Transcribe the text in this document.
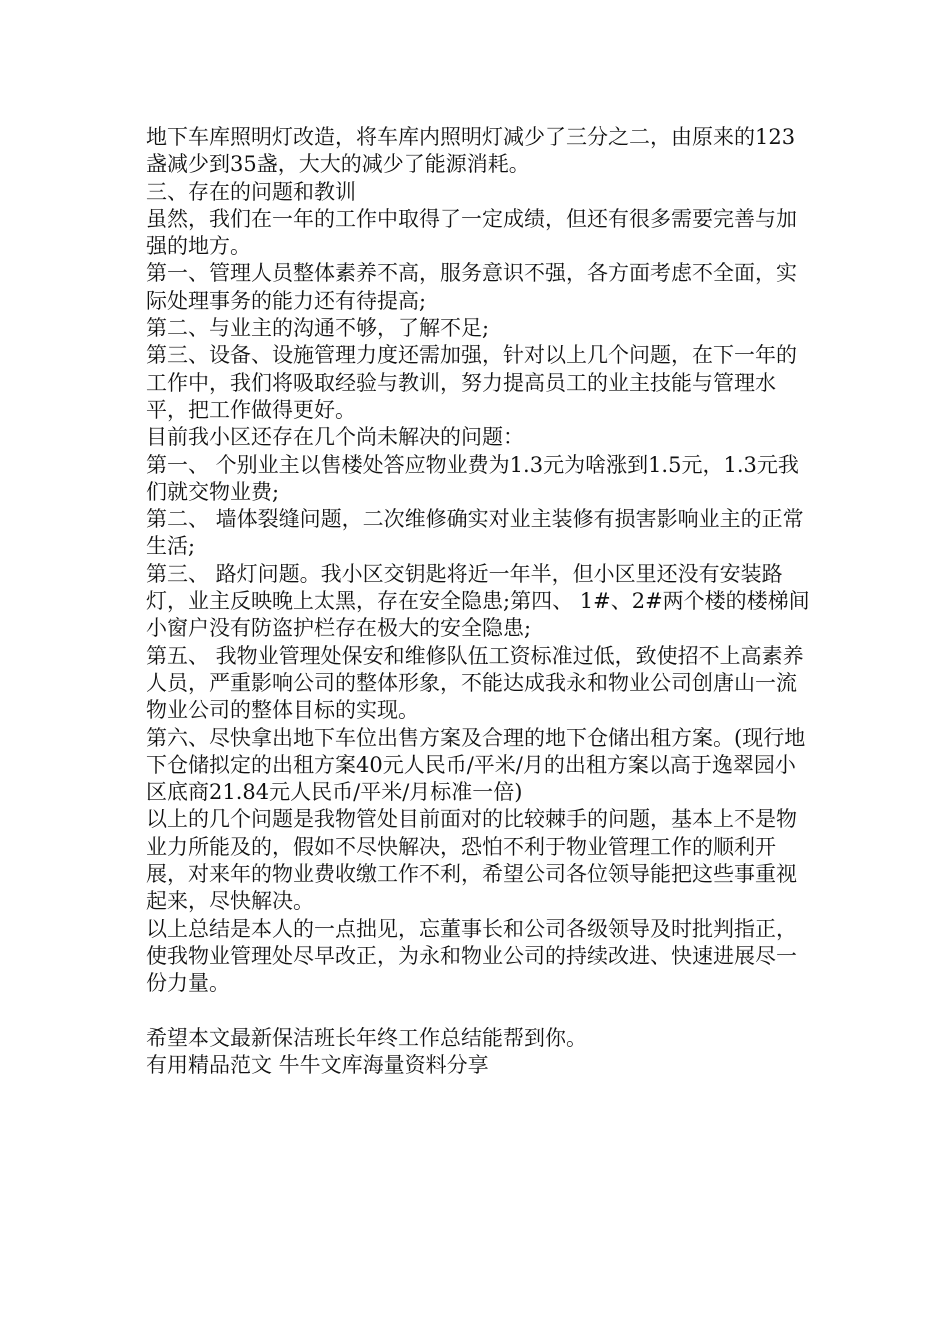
地下车库照明灯改造，将车库内照明灯减少了三分之二，由原来的123盏减少到35盏，大大的减少了能源消耗。

三、存在的问题和教训

虽然，我们在一年的工作中取得了一定成绩，但还有很多需要完善与加强的地方。

第一、管理人员整体素养不高，服务意识不强，各方面考虑不全面，实际处理事务的能力还有待提高;

第二、与业主的沟通不够，了解不足;

第三、设备、设施管理力度还需加强，针对以上几个问题，在下一年的工作中，我们将吸取经验与教训，努力提高员工的业主技能与管理水平，把工作做得更好。

目前我小区还存在几个尚未解决的问题：

第一、 个别业主以售楼处答应物业费为1.3元为啥涨到1.5元，1.3元我们就交物业费;

第二、 墙体裂缝问题，二次维修确实对业主装修有损害影响业主的正常生活;

第三、 路灯问题。我小区交钥匙将近一年半，但小区里还没有安装路灯，业主反映晚上太黑，存在安全隐患;第四、 1#、2#两个楼的楼梯间小窗户没有防盗护栏存在极大的安全隐患;

第五、 我物业管理处保安和维修队伍工资标准过低，致使招不上高素养人员，严重影响公司的整体形象，不能达成我永和物业公司创唐山一流物业公司的整体目标的实现。

第六、尽快拿出地下车位出售方案及合理的地下仓储出租方案。(现行地下仓储拟定的出租方案40元人民币/平米/月的出租方案以高于逸翠园小区底商21.84元人民币/平米/月标准一倍)

以上的几个问题是我物管处目前面对的比较棘手的问题，基本上不是物业力所能及的，假如不尽快解决，恐怕不利于物业管理工作的顺利开展，对来年的物业费收缴工作不利，希望公司各位领导能把这些事重视起来，尽快解决。

以上总结是本人的一点拙见，忘董事长和公司各级领导及时批判指正，使我物业管理处尽早改正，为永和物业公司的持续改进、快速进展尽一份力量。

希望本文最新保洁班长年终工作总结能帮到你。

有用精品范文 牛牛文库海量资料分享
